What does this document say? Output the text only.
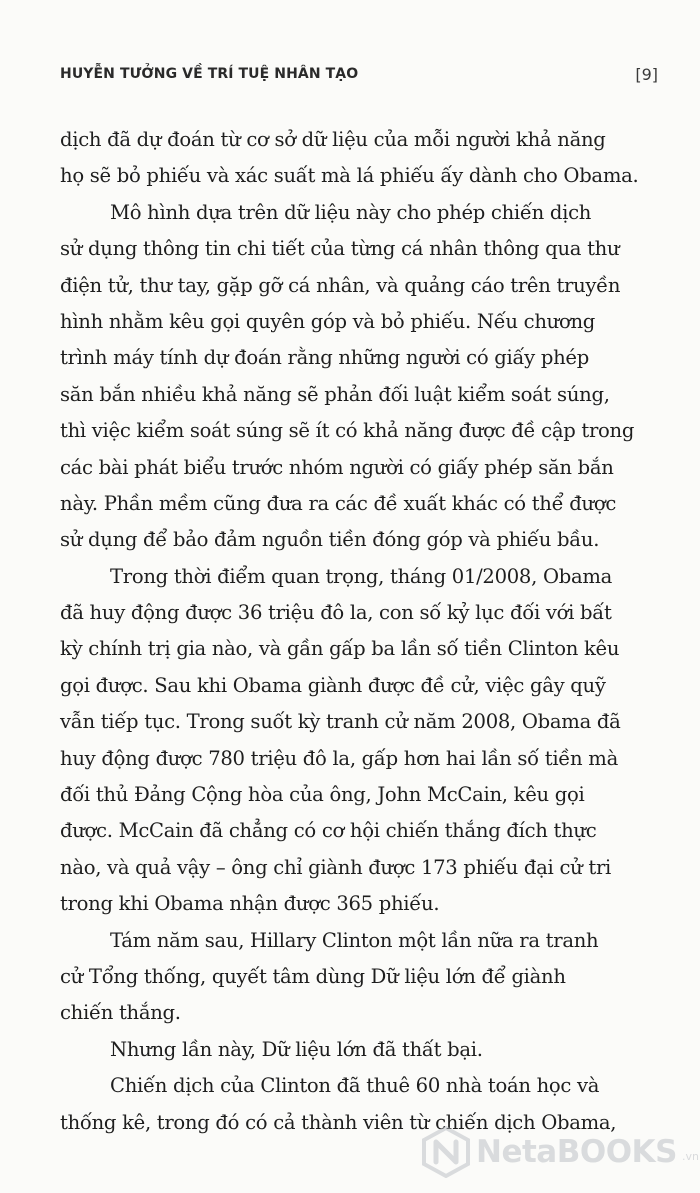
HUYỄN TƯỞNG VỀ TRÍ TUỆ NHÂN TẠO	[9]
dịch đã dự đoán từ cơ sở dữ liệu của mỗi người khả năng
họ sẽ bỏ phiếu và xác suất mà lá phiếu ấy dành cho Obama.
Mô hình dựa trên dữ liệu này cho phép chiến dịch
sử dụng thông tin chi tiết của từng cá nhân thông qua thư
điện tử, thư tay, gặp gỡ cá nhân, và quảng cáo trên truyền
hình nhằm kêu gọi quyên góp và bỏ phiếu. Nếu chương
trình máy tính dự đoán rằng những người có giấy phép
săn bắn nhiều khả năng sẽ phản đối luật kiểm soát súng,
thì việc kiểm soát súng sẽ ít có khả năng được đề cập trong
các bài phát biểu trước nhóm người có giấy phép săn bắn
này. Phần mềm cũng đưa ra các đề xuất khác có thể được
sử dụng để bảo đảm nguồn tiền đóng góp và phiếu bầu.
Trong thời điểm quan trọng, tháng 01/2008, Obama
đã huy động được 36 triệu đô la, con số kỷ lục đối với bất
kỳ chính trị gia nào, và gần gấp ba lần số tiền Clinton kêu
gọi được. Sau khi Obama giành được đề cử, việc gây quỹ
vẫn tiếp tục. Trong suốt kỳ tranh cử năm 2008, Obama đã
huy động được 780 triệu đô la, gấp hơn hai lần số tiền mà
đối thủ Đảng Cộng hòa của ông, John McCain, kêu gọi
được. McCain đã chẳng có cơ hội chiến thắng đích thực
nào, và quả vậy – ông chỉ giành được 173 phiếu đại cử tri
trong khi Obama nhận được 365 phiếu.
Tám năm sau, Hillary Clinton một lần nữa ra tranh
cử Tổng thống, quyết tâm dùng Dữ liệu lớn để giành
chiến thắng.
Nhưng lần này, Dữ liệu lớn đã thất bại.
Chiến dịch của Clinton đã thuê 60 nhà toán học và
thống kê, trong đó có cả thành viên từ chiến dịch Obama,
NetaBOOKS .vn
